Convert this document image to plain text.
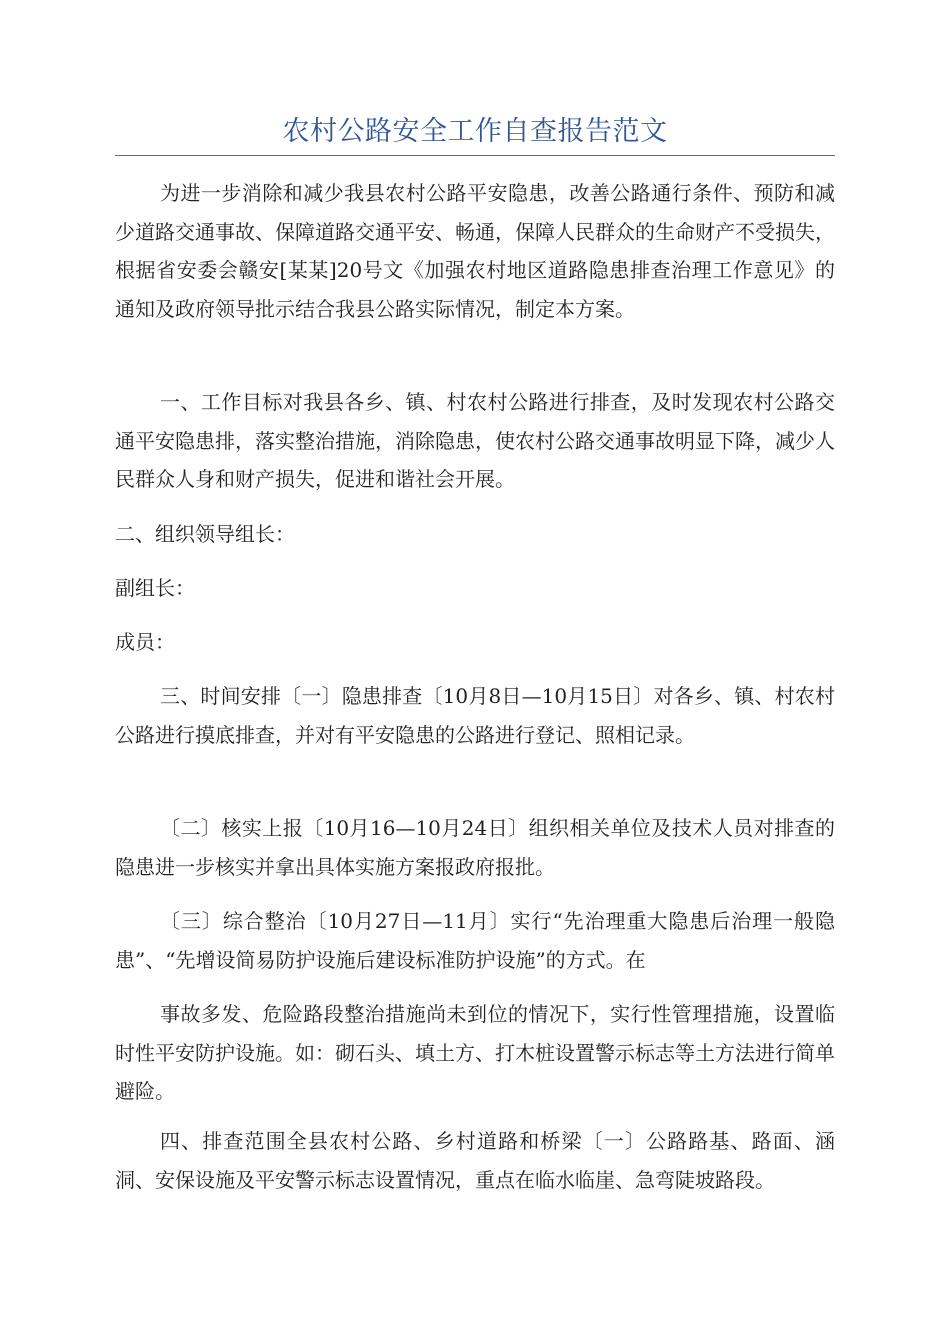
农村公路安全工作自查报告范文

为进一步消除和减少我县农村公路平安隐患，改善公路通行条件、预防和减少道路交通事故、保障道路交通平安、畅通，保障人民群众的生命财产不受损失，根据省安委会赣安[某某]20号文《加强农村地区道路隐患排查治理工作意见》的通知及政府领导批示结合我县公路实际情况，制定本方案。

一、工作目标对我县各乡、镇、村农村公路进行排查，及时发现农村公路交通平安隐患排，落实整治措施，消除隐患，使农村公路交通事故明显下降，减少人民群众人身和财产损失，促进和谐社会开展。

二、组织领导组长：

副组长：

成员：

三、时间安排〔一〕隐患排查〔10月8日—10月15日〕对各乡、镇、村农村公路进行摸底排查，并对有平安隐患的公路进行登记、照相记录。

〔二〕核实上报〔10月16—10月24日〕组织相关单位及技术人员对排查的隐患进一步核实并拿出具体实施方案报政府报批。

〔三〕综合整治〔10月27日—11月〕实行“先治理重大隐患后治理一般隐患”、“先增设简易防护设施后建设标准防护设施”的方式。在

事故多发、危险路段整治措施尚未到位的情况下，实行性管理措施，设置临时性平安防护设施。如：砌石头、填土方、打木桩设置警示标志等土方法进行简单避险。

四、排查范围全县农村公路、乡村道路和桥梁〔一〕公路路基、路面、涵洞、安保设施及平安警示标志设置情况，重点在临水临崖、急弯陡坡路段。
